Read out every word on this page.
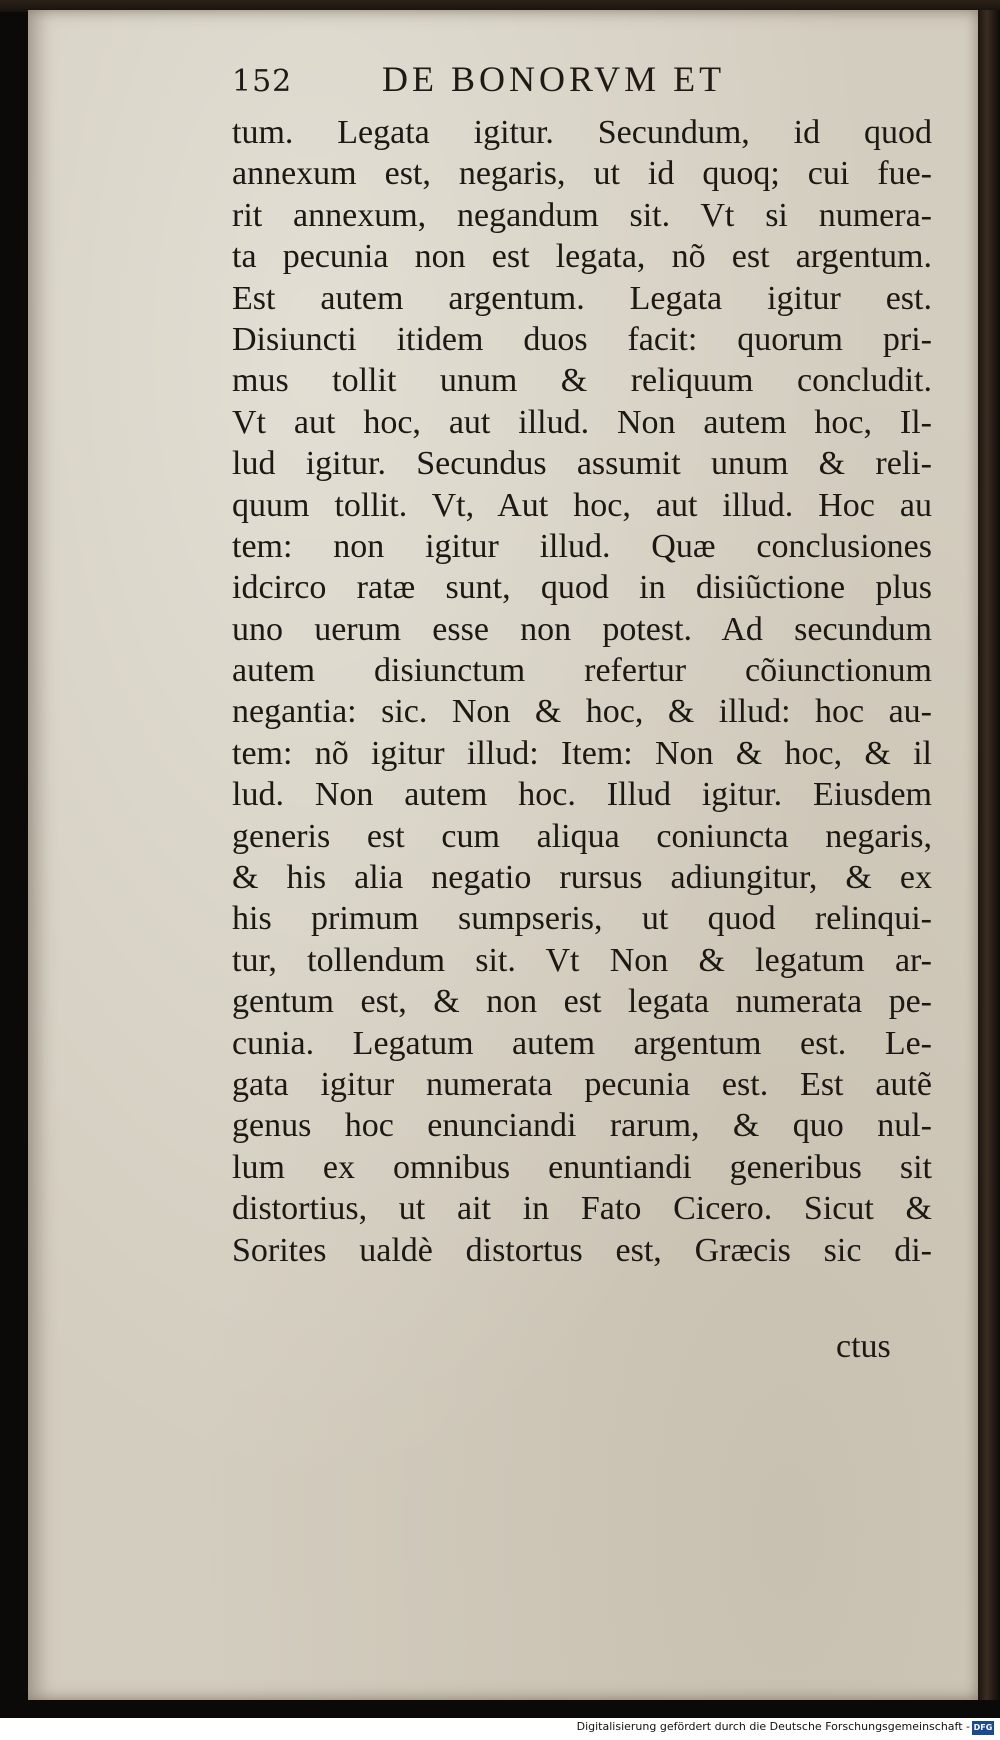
152 DE BONORVM ET
tum. Legata igitur. Secundum, id quod
annexum est, negaris, ut id quoq; cui fue-
rit annexum, negandum sit. Vt si numera-
ta pecunia non est legata, nõ est argentum.
Est autem argentum. Legata igitur est.
Disiuncti itidem duos facit: quorum pri-
mus tollit unum & reliquum concludit.
Vt aut hoc, aut illud. Non autem hoc, Il-
lud igitur. Secundus assumit unum & reli-
quum tollit. Vt, Aut hoc, aut illud. Hoc au
tem: non igitur illud. Quæ conclusiones
idcirco ratæ sunt, quod in disiũctione plus
uno uerum esse non potest. Ad secundum
autem disiunctum refertur cõiunctionum
negantia: sic. Non & hoc, & illud: hoc au-
tem: nõ igitur illud: Item: Non & hoc, & il
lud. Non autem hoc. Illud igitur. Eiusdem
generis est cum aliqua coniuncta negaris,
& his alia negatio rursus adiungitur, & ex
his primum sumpseris, ut quod relinqui-
tur, tollendum sit. Vt Non & legatum ar-
gentum est, & non est legata numerata pe-
cunia. Legatum autem argentum est. Le-
gata igitur numerata pecunia est. Est autẽ
genus hoc enunciandi rarum, & quo nul-
lum ex omnibus enuntiandi generibus sit
distortius, ut ait in Fato Cicero. Sicut &
Sorites ualdè distortus est, Græcis sic di-
ctus
Digitalisierung gefördert durch die Deutsche Forschungsgemeinschaft - DFG
